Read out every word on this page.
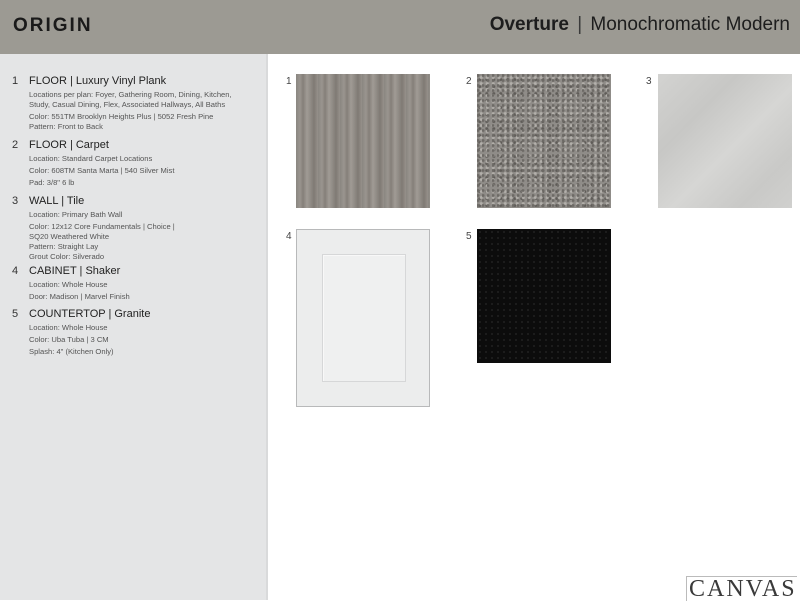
ORIGIN	Overture | Monochromatic Modern
1 FLOOR | Luxury Vinyl Plank
Locations per plan: Foyer, Gathering Room, Dining, Kitchen,
Study, Casual Dining, Flex, Associated Hallways, All Baths
Color: 551TM Brooklyn Heights Plus | 5052 Fresh Pine
Pattern: Front to Back
2 FLOOR | Carpet
Location: Standard Carpet Locations
Color: 608TM Santa Marta | 540 Silver Mist
Pad: 3/8" 6 lb
3 WALL | Tile
Location: Primary Bath Wall
Color: 12x12 Core Fundamentals | Choice |
SQ20 Weathered White
Pattern: Straight Lay
Grout Color: Silverado
4 CABINET | Shaker
Location: Whole House
Door: Madison | Marvel Finish
5 COUNTERTOP | Granite
Location: Whole House
Color: Uba Tuba | 3 CM
Splash: 4" (Kitchen Only)
1	2	3
4	5
CANVAS
